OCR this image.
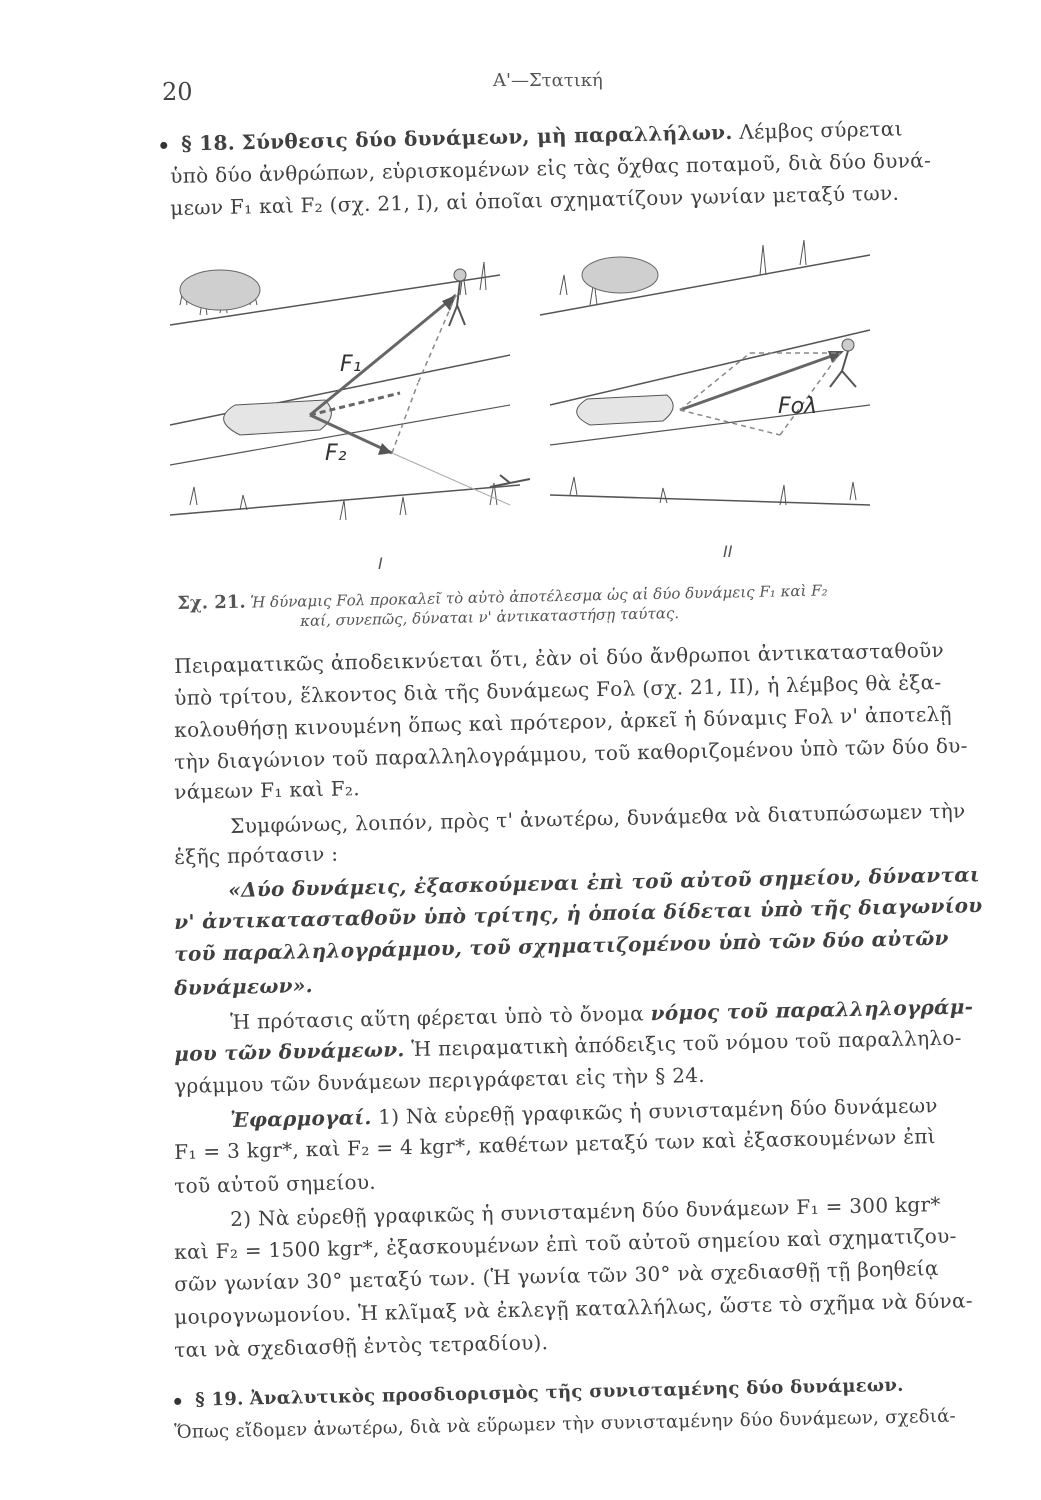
20	Α'—Στατική
§ 18. Σύνθεσις δύο δυνάμεων, μὴ παραλλήλων. Λέμβος σύρεται
ὑπὸ δύο ἀνθρώπων, εὑρισκομένων εἰς τὰς ὄχθας ποταμοῦ, διὰ δύο δυνά-
μεων F₁ καὶ F₂ (σχ. 21, I), αἱ ὁποῖαι σχηματίζουν γωνίαν μεταξύ των.
F₁
F₂
Fολ
I
II
Σχ. 21. Ἡ δύναμις Fολ προκαλεῖ τὸ αὐτὸ ἀποτέλεσμα ὡς αἱ δύο δυνάμεις F₁ καὶ F₂
καί, συνεπῶς, δύναται ν' ἀντικαταστήσῃ ταύτας.
Πειραματικῶς ἀποδεικνύεται ὅτι, ἐὰν οἱ δύο ἄνθρωποι ἀντικατασταθοῦν
ὑπὸ τρίτου, ἕλκοντος διὰ τῆς δυνάμεως Fολ (σχ. 21, II), ἡ λέμβος θὰ ἐξα-
κολουθήσῃ κινουμένη ὅπως καὶ πρότερον, ἀρκεῖ ἡ δύναμις Fολ ν' ἀποτελῇ
τὴν διαγώνιον τοῦ παραλληλογράμμου, τοῦ καθοριζομένου ὑπὸ τῶν δύο δυ-
νάμεων F₁ καὶ F₂.
Συμφώνως, λοιπόν, πρὸς τ' ἀνωτέρω, δυνάμεθα νὰ διατυπώσωμεν τὴν
ἑξῆς πρότασιν :
«Δύο δυνάμεις, ἐξασκούμεναι ἐπὶ τοῦ αὐτοῦ σημείου, δύνανται
ν' ἀντικατασταθοῦν ὑπὸ τρίτης, ἡ ὁποία δίδεται ὑπὸ τῆς διαγωνίου
τοῦ παραλληλογράμμου, τοῦ σχηματιζομένου ὑπὸ τῶν δύο αὐτῶν
δυνάμεων».
Ἡ πρότασις αὕτη φέρεται ὑπὸ τὸ ὄνομα νόμος τοῦ παραλληλογράμ-
μου τῶν δυνάμεων. Ἡ πειραματικὴ ἀπόδειξις τοῦ νόμου τοῦ παραλληλο-
γράμμου τῶν δυνάμεων περιγράφεται εἰς τὴν § 24.
Ἐφαρμογαί. 1) Νὰ εὑρεθῇ γραφικῶς ἡ συνισταμένη δύο δυνάμεων
F₁ = 3 kgr*, καὶ F₂ = 4 kgr*, καθέτων μεταξύ των καὶ ἐξασκουμένων ἐπὶ
τοῦ αὐτοῦ σημείου.
2) Νὰ εὑρεθῇ γραφικῶς ἡ συνισταμένη δύο δυνάμεων F₁ = 300 kgr*
καὶ F₂ = 1500 kgr*, ἐξασκουμένων ἐπὶ τοῦ αὐτοῦ σημείου καὶ σχηματιζου-
σῶν γωνίαν 30° μεταξύ των. (Ἡ γωνία τῶν 30° νὰ σχεδιασθῇ τῇ βοηθείᾳ
μοιρογνωμονίου. Ἡ κλῖμαξ νὰ ἐκλεγῇ καταλλήλως, ὥστε τὸ σχῆμα νὰ δύνα-
ται νὰ σχεδιασθῇ ἐντὸς τετραδίου).
§ 19. Ἀναλυτικὸς προσδιορισμὸς τῆς συνισταμένης δύο δυνάμεων.
Ὅπως εἴδομεν ἀνωτέρω, διὰ νὰ εὕρωμεν τὴν συνισταμένην δύο δυνάμεων, σχεδιά-
